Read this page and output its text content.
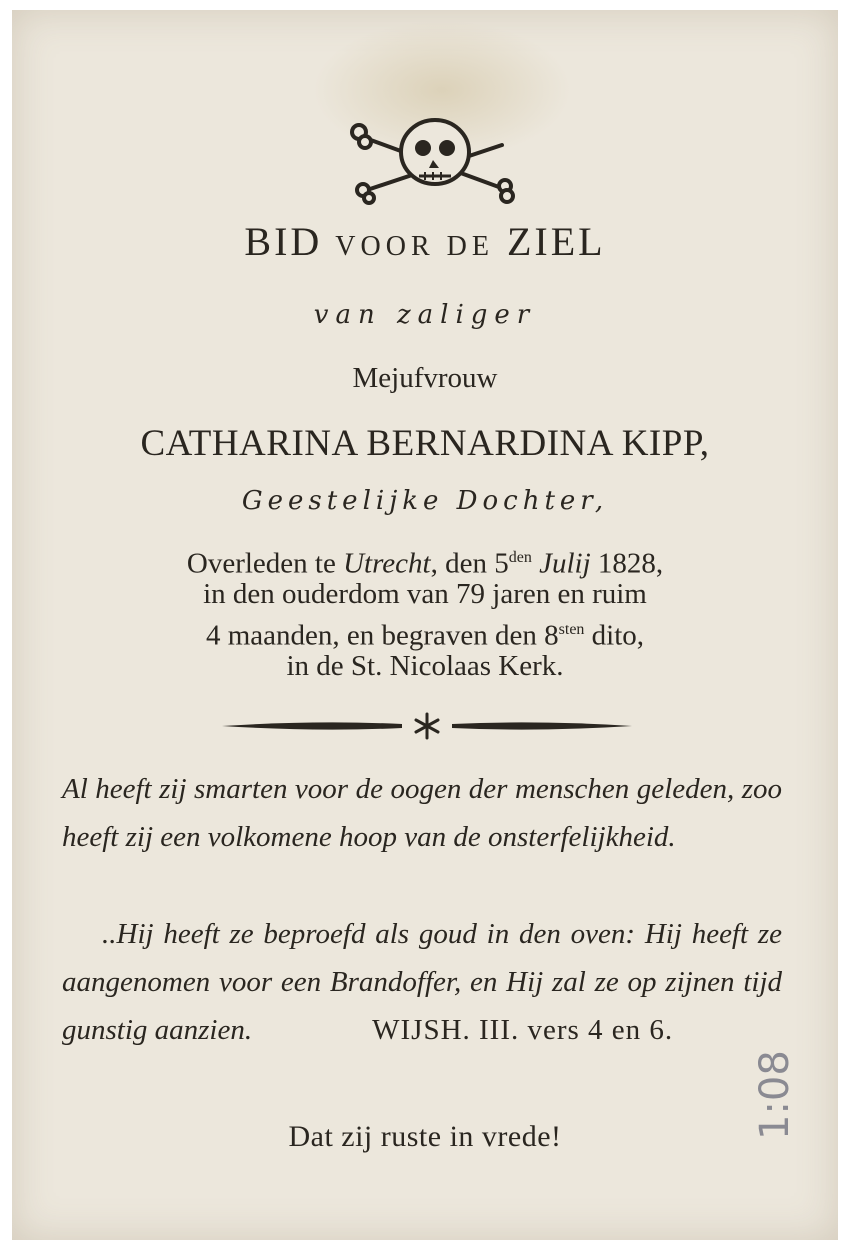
BID VOOR DE ZIEL
van zaliger
Mejufvrouw
CATHARINA BERNARDINA KIPP,
Geestelijke Dochter,
Overleden te Utrecht, den $5^{den}$ Julij 1828,
in den ouderdom van 79 jaren en ruim
4 maanden, en begraven den $8^{sten}$ dito,
in de St. Nicolaas Kerk.
Al heeft zij smarten voor de oogen der menschen geleden, zoo heeft zij een volkomene hoop van de onsterfelijkheid.
..Hij heeft ze beproefd als goud in den oven: Hij heeft ze aangenomen voor een Brandoffer, en Hij zal ze op zijnen tijd gunstig aanzien.	WIJSH. III. vers 4 en 6.
Dat zij ruste in vrede!	1:08
